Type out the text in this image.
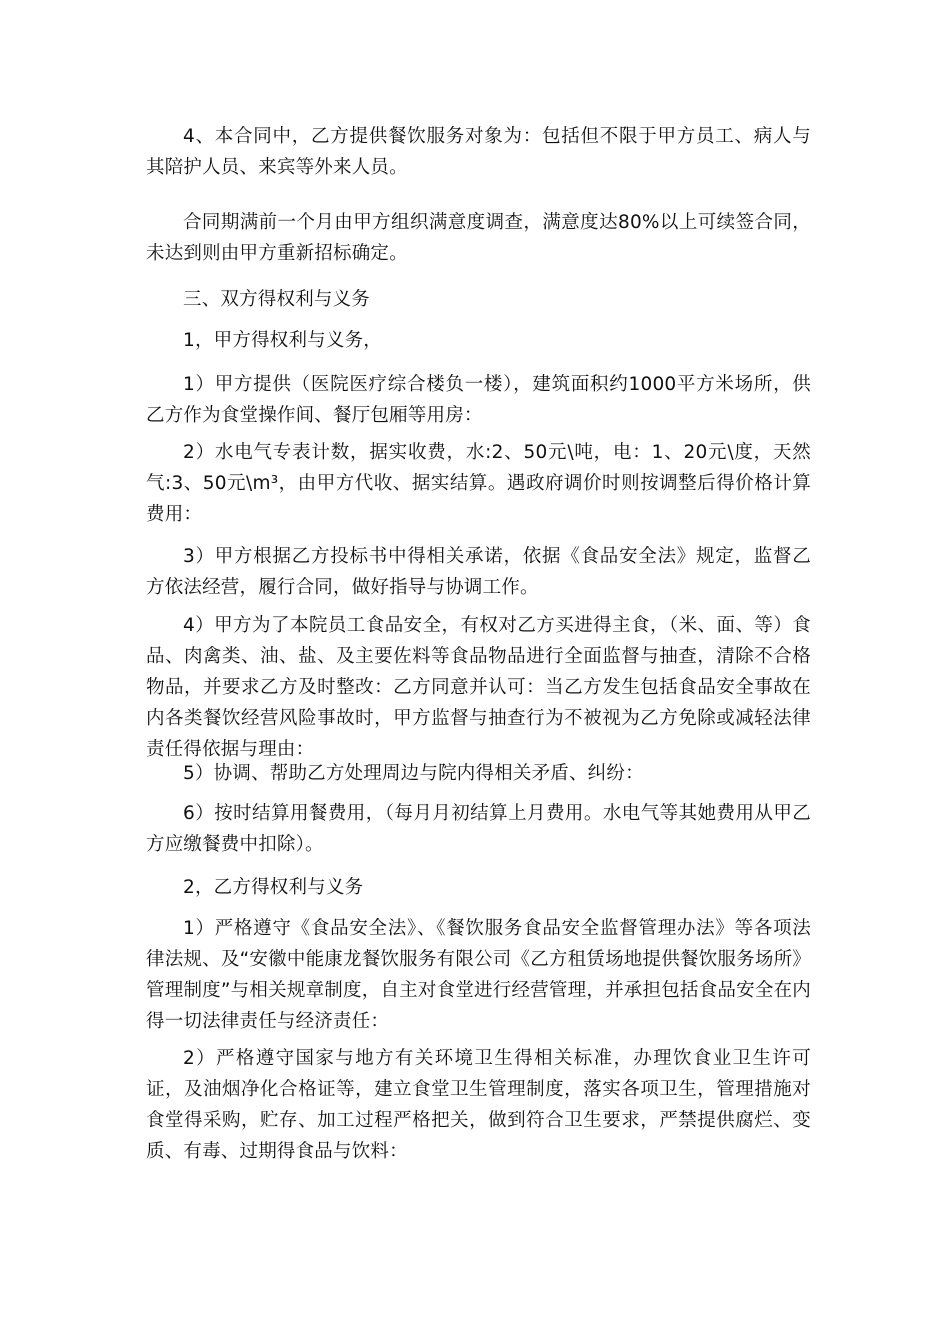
4、本合同中，乙方提供餐饮服务对象为：包括但不限于甲方员工、病人与其陪护人员、来宾等外来人员。

合同期满前一个月由甲方组织满意度调查，满意度达80%以上可续签合同，未达到则由甲方重新招标确定。

三、双方得权利与义务

1，甲方得权利与义务，

1）甲方提供（医院医疗综合楼负一楼），建筑面积约1000平方米场所，供乙方作为食堂操作间、餐厅包厢等用房：

2）水电气专表计数，据实收费，水:2、50元\吨，电：1、20元\度，天然气:3、50元\m³，由甲方代收、据实结算。遇政府调价时则按调整后得价格计算费用：

3）甲方根据乙方投标书中得相关承诺，依据《食品安全法》规定，监督乙方依法经营，履行合同，做好指导与协调工作。

4）甲方为了本院员工食品安全，有权对乙方买进得主食，（米、面、等）食品、肉禽类、油、盐、及主要佐料等食品物品进行全面监督与抽查，清除不合格物品，并要求乙方及时整改：乙方同意并认可：当乙方发生包括食品安全事故在内各类餐饮经营风险事故时，甲方监督与抽查行为不被视为乙方免除或减轻法律责任得依据与理由：

5）协调、帮助乙方处理周边与院内得相关矛盾、纠纷：

6）按时结算用餐费用，（每月月初结算上月费用。水电气等其她费用从甲乙方应缴餐费中扣除）。

2，乙方得权利与义务

1）严格遵守《食品安全法》、《餐饮服务食品安全监督管理办法》等各项法律法规、及“安徽中能康龙餐饮服务有限公司《乙方租赁场地提供餐饮服务场所》管理制度”与相关规章制度，自主对食堂进行经营管理，并承担包括食品安全在内得一切法律责任与经济责任：

2）严格遵守国家与地方有关环境卫生得相关标准，办理饮食业卫生许可证，及油烟净化合格证等，建立食堂卫生管理制度，落实各项卫生，管理措施对食堂得采购，贮存、加工过程严格把关，做到符合卫生要求，严禁提供腐烂、变质、有毒、过期得食品与饮料：
